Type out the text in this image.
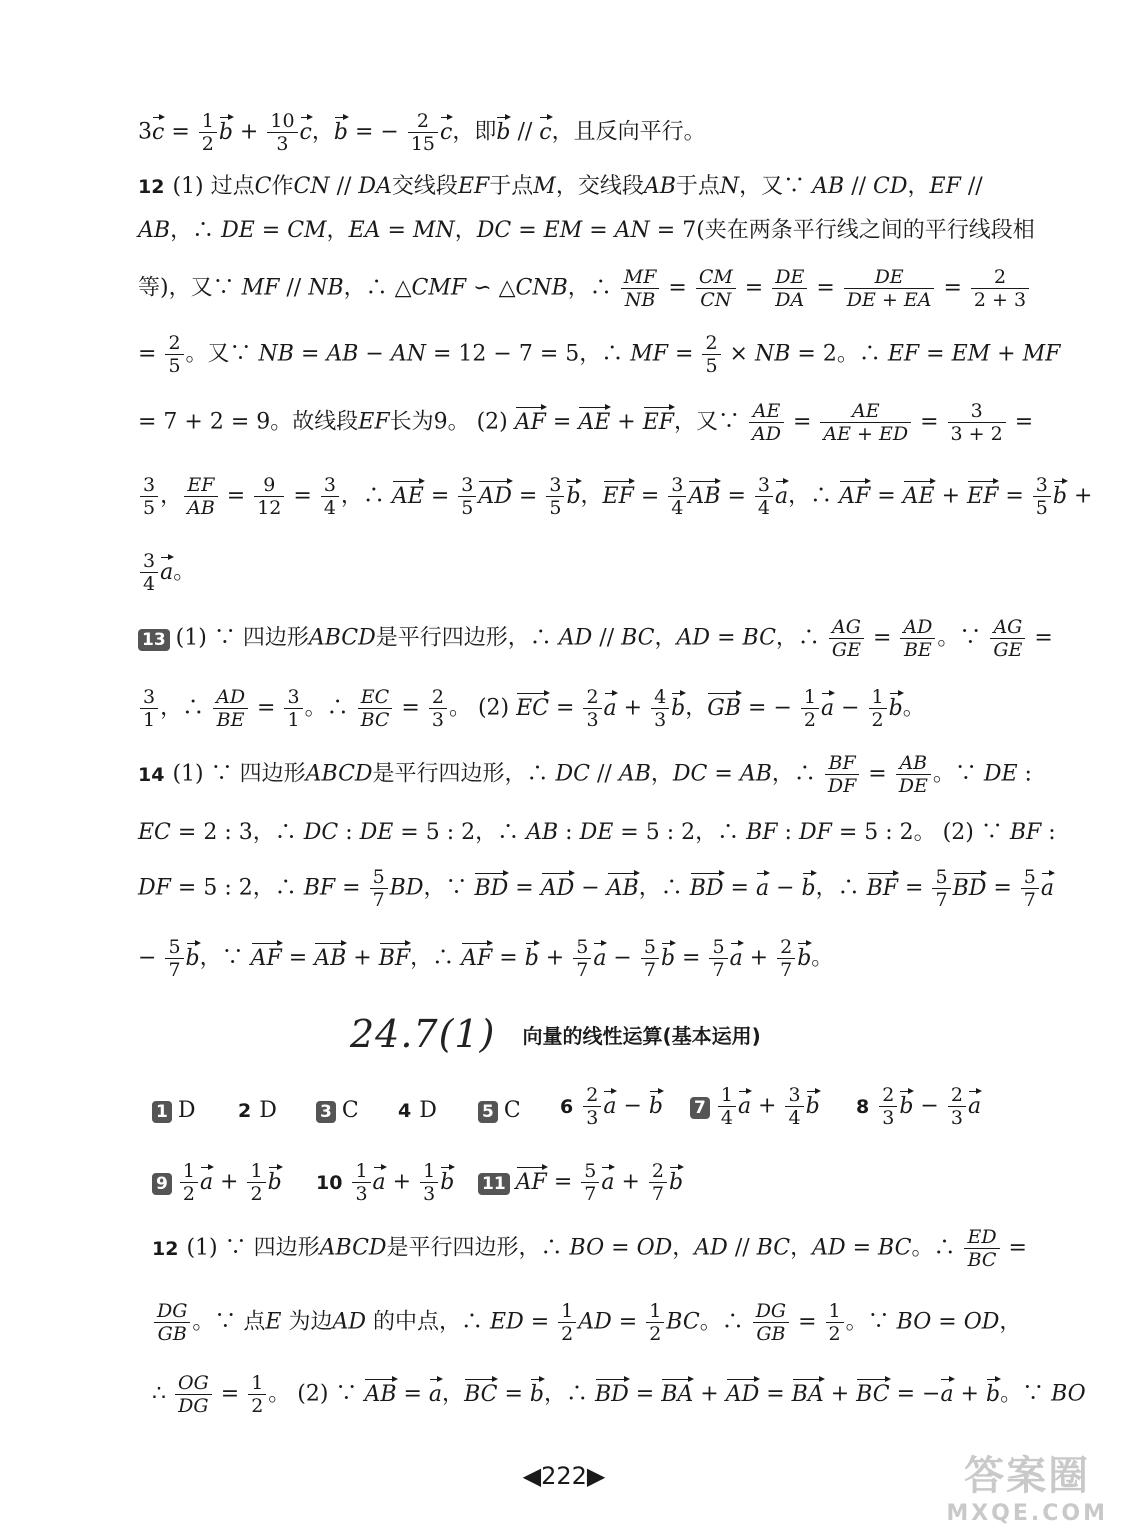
$3c = \frac{1}{2}$ $b + \frac{10}{3}$ c，b = − $\frac{2}{15}$ c，即b // c，且反向平行。
12 (1) 过点C作CN // DA交线段EF于点M，交线段AB于点N，又∵ AB // CD，EF //
AB，∴ DE = CM，EA = MN，DC = EM = AN = 7(夹在两条平行线之间的平行线段相
等)，又∵ MF // NB，∴ △CMF ∽ △CNB，∴ $\frac{MF}{NB} = \frac{CM}{CN} = \frac{DE}{DA} = \frac{DE}{DE + EA} = \frac{2}{2 + 3}$
= $\frac{2}{5}$ 。又∵ NB = AB − AN = 12 − 7 = 5，∴ MF = $\frac{2}{5}$ × NB = 2。∴ EF = EM + MF
= 7 + 2 = 9。故线段EF长为9。 (2) AF = AE + EF，又∵ $\frac{AE}{AD} = \frac{AE}{AE + ED} = \frac{3}{3 + 2}$ =
$\frac{3}{5}$ ， $\frac{EF}{AB} = \frac{9}{12} = \frac{3}{4}$ ，∴ AE = $\frac{3}{5}$ AD = $\frac{3}{5}$ b，EF = $\frac{3}{4}$ AB = $\frac{3}{4}$ a，∴ AF = AE + EF = $\frac{3}{5}$ b +
$\frac{3}{4}$ a。
13 (1) ∵ 四边形ABCD是平行四边形，∴ AD // BC，AD = BC，∴ $\frac{AG}{GE} = \frac{AD}{BE}$ 。∵ $\frac{AG}{GE}$ =
$\frac{3}{1}$ ，∴ $\frac{AD}{BE} = \frac{3}{1}$ 。∴ $\frac{EC}{BC} = \frac{2}{3}$ 。 (2) EC = $\frac{2}{3}$ $a + \frac{4}{3}$ b，GB = − $\frac{1}{2}$ $a - \frac{1}{2}$ b。
14 (1) ∵ 四边形ABCD是平行四边形，∴ DC // AB，DC = AB，∴ $\frac{BF}{DF} = \frac{AB}{DE}$ 。∵ DE :
EC = 2 : 3，∴ DC : DE = 5 : 2，∴ AB : DE = 5 : 2，∴ BF : DF = 5 : 2。 (2) ∵ BF :
DF = 5 : 2，∴ BF = $\frac{5}{7}$ BD，∵ BD = AD − AB，∴ BD = a − b，∴ BF = $\frac{5}{7}$ BD = $\frac{5}{7}$ a
− $\frac{5}{7}$ b，∵ AF = AB + BF，∴ AF = $b + \frac{5}{7}$ $a - \frac{5}{7}$ $b = \frac{5}{7}$ $a + \frac{2}{7}$ b。
24.7(1) 向量的线性运算(基本运用)
1 D 2 D	3 C 4 D	5 C $6 \frac{2}{3}$ a − b $7 \frac{1}{4}$ $a + \frac{3}{4}$ b $8 \frac{2}{3}$ $b - \frac{2}{3}$ a
$9 \frac{1}{2}$ $a + \frac{1}{2}$ b $10 \frac{1}{3}$ $a + \frac{1}{3}$ b 11 AF = $\frac{5}{7}$ $a + \frac{2}{7}$ b
12 (1) ∵ 四边形ABCD是平行四边形，∴ BO = OD，AD // BC，AD = BC。∴ $\frac{ED}{BC}$ =
$\frac{DG}{GB}$ 。∵ 点E 为边AD 的中点，∴ ED = $\frac{1}{2}$ AD = $\frac{1}{2}$ BC。∴ $\frac{DG}{GB} = \frac{1}{2}$ 。∵ BO = OD，
∴ $\frac{OG}{DG} = \frac{1}{2}$ 。 (2) ∵ AB = a，BC = b，∴ BD = BA + AD = BA + BC = −a + b。∵ BO
◀222▶	答案圈
MXQE.COM
